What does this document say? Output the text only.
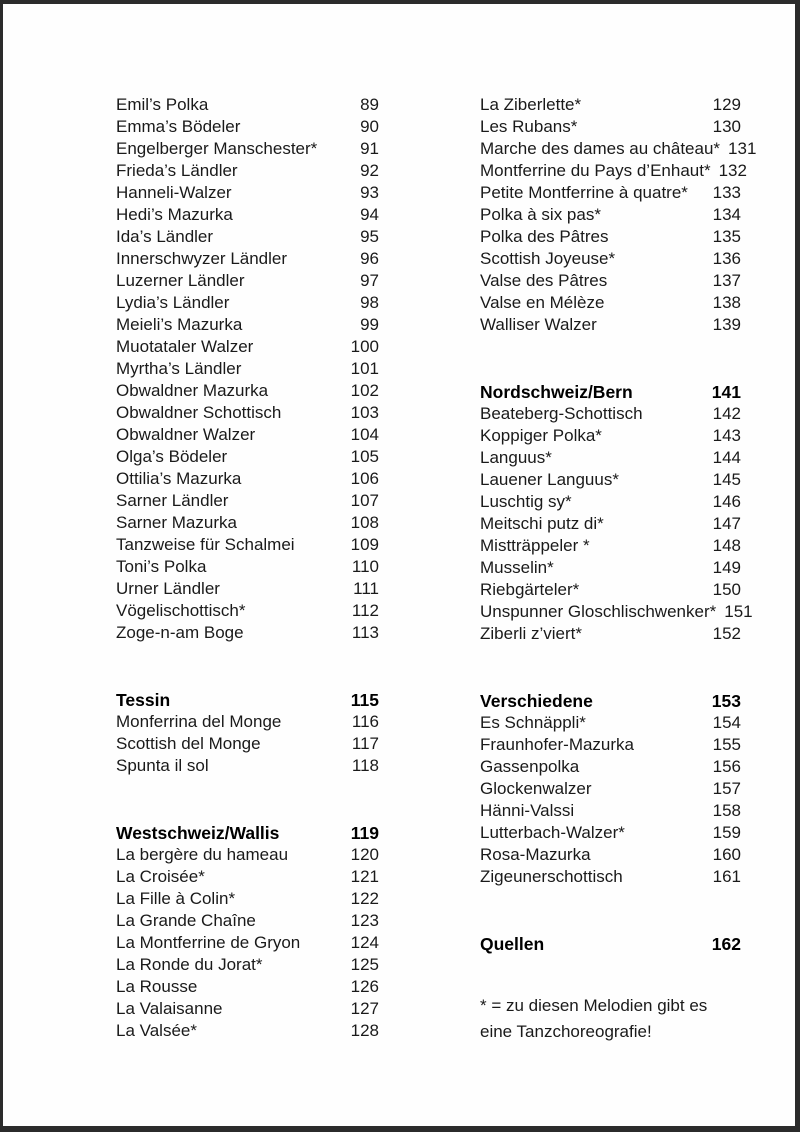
Emil’s Polka	89
Emma’s Bödeler	90
Engelberger Manschester*	91
Frieda’s Ländler	92
Hanneli-Walzer	93
Hedi’s Mazurka	94
Ida’s Ländler	95
Innerschwyzer Ländler	96
Luzerner Ländler	97
Lydia’s Ländler	98
Meieli’s Mazurka	99
Muotataler Walzer	100
Myrtha’s Ländler	101
Obwaldner Mazurka	102
Obwaldner Schottisch	103
Obwaldner Walzer	104
Olga’s Bödeler	105
Ottilia’s Mazurka	106
Sarner Ländler	107
Sarner Mazurka	108
Tanzweise für Schalmei	109
Toni’s Polka	110
Urner Ländler	111
Vögelischottisch*	112
Zoge-n-am Boge	113
Tessin	115
Monferrina del Monge	116
Scottish del Monge	117
Spunta il sol	118
Westschweiz/Wallis	119
La bergère du hameau	120
La Croisée*	121
La Fille à Colin*	122
La Grande Chaîne	123
La Montferrine de Gryon	124
La Ronde du Jorat*	125
La Rousse	126
La Valaisanne	127
La Valsée*	128
La Ziberlette*	129
Les Rubans*	130
Marche des dames au château* 131
Montferrine du Pays d’Enhaut* 132
Petite Montferrine à quatre* 133
Polka à six pas*	134
Polka des Pâtres	135
Scottish Joyeuse*	136
Valse des Pâtres	137
Valse en Mélèze	138
Walliser Walzer	139
Nordschweiz/Bern	141
Beateberg-Schottisch	142
Koppiger Polka*	143
Languus*	144
Lauener Languus*	145
Luschtig sy*	146
Meitschi putz di*	147
Mistträppeler *	148
Musselin*	149
Riebgärteler*	150
Unspunner Gloschlischwenker* 151
Ziberli z’viert*	152
Verschiedene	153
Es Schnäppli*	154
Fraunhofer-Mazurka	155
Gassenpolka	156
Glockenwalzer	157
Hänni-Valssi	158
Lutterbach-Walzer*	159
Rosa-Mazurka	160
Zigeunerschottisch	161
Quellen	162
* = zu diesen Melodien gibt es
eine Tanzchoreografie!
